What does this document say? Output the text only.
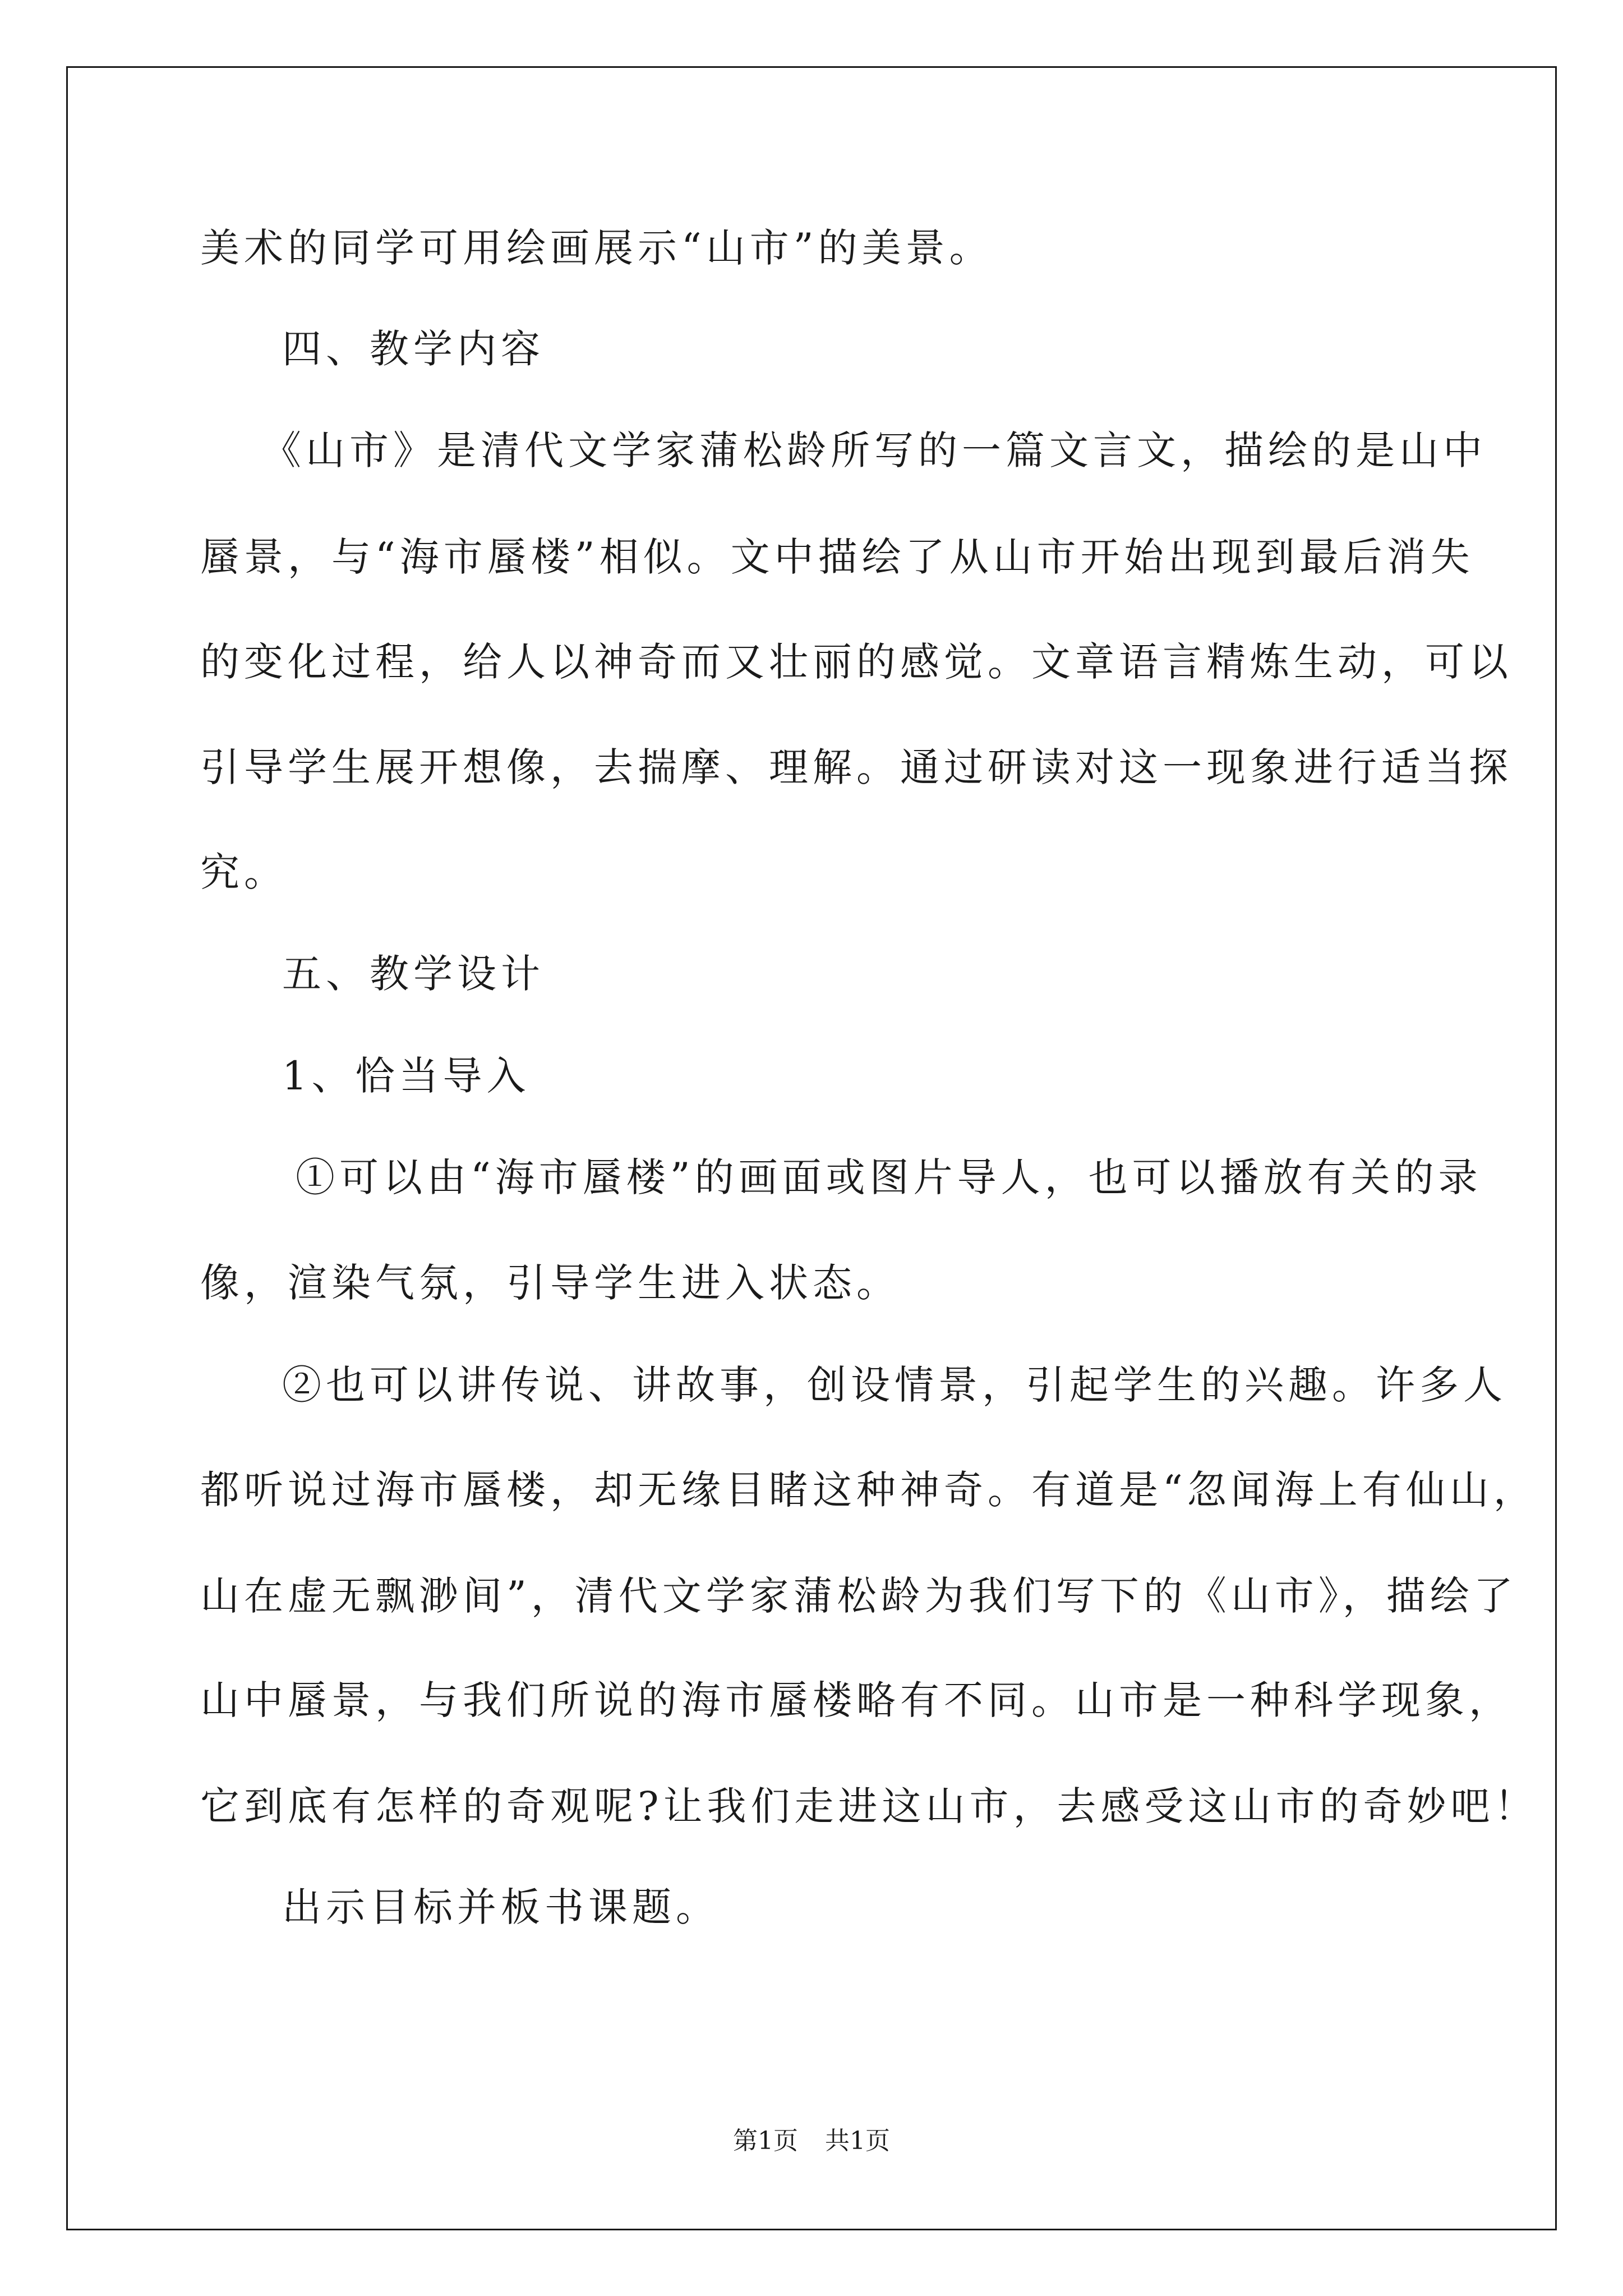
美术的同学可用绘画展示“山市”的美景。
四、教学内容
《山市》是清代文学家蒲松龄所写的一篇文言文，描绘的是山中
蜃景，与“海市蜃楼”相似。文中描绘了从山市开始出现到最后消失
的变化过程，给人以神奇而又壮丽的感觉。文章语言精炼生动，可以
引导学生展开想像，去揣摩、理解。通过研读对这一现象进行适当探
究。
五、教学设计
1、恰当导入
①可以由“海市蜃楼”的画面或图片导人，也可以播放有关的录
像，渲染气氛，引导学生进入状态。
②也可以讲传说、讲故事，创设情景，引起学生的兴趣。许多人
都听说过海市蜃楼，却无缘目睹这种神奇。有道是“忽闻海上有仙山，
山在虚无飘渺间”，清代文学家蒲松龄为我们写下的《山市》，描绘了
山中蜃景，与我们所说的海市蜃楼略有不同。山市是一种科学现象，
它到底有怎样的奇观呢?让我们走进这山市，去感受这山市的奇妙吧！
出示目标并板书课题。
第1页 共1页
